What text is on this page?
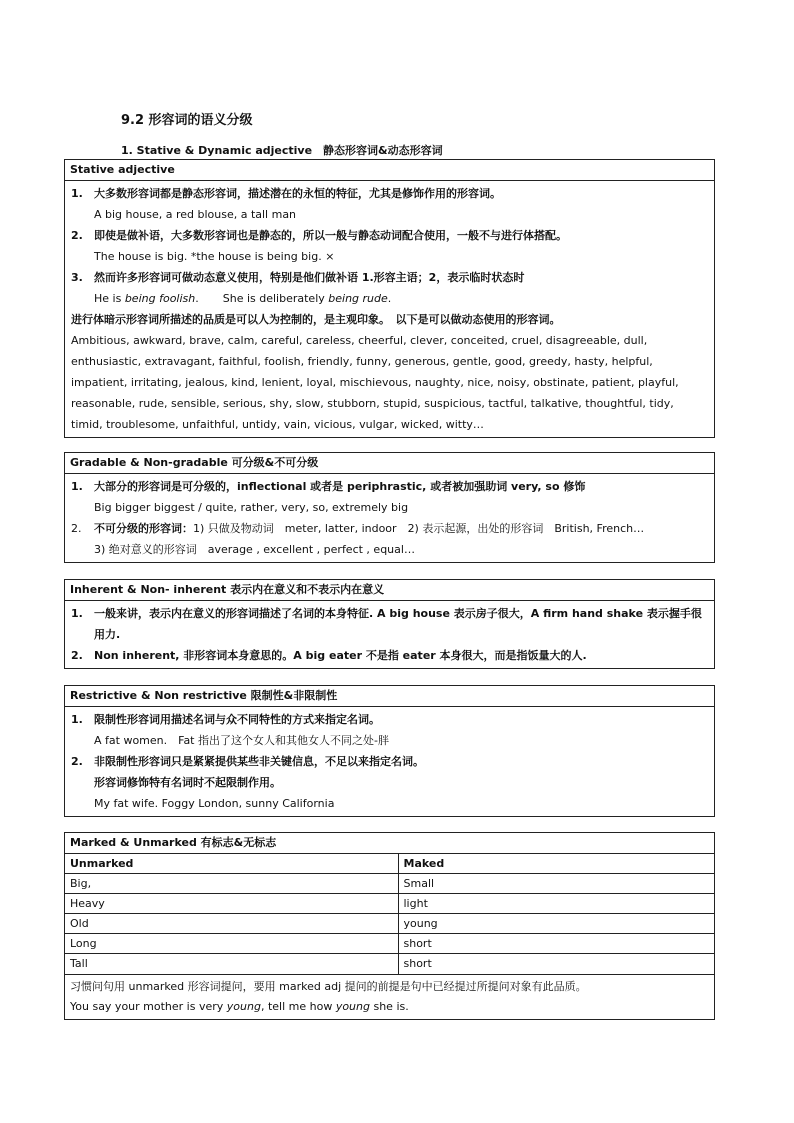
9.2 形容词的语义分级
1. Stative & Dynamic adjective　静态形容词&动态形容词
Stative adjective
1. 大多数形容词都是静态形容词，描述潜在的永恒的特征，尤其是修饰作用的形容词。
A big house, a red blouse, a tall man
2. 即使是做补语，大多数形容词也是静态的，所以一般与静态动词配合使用，一般不与进行体搭配。
The house is big. *the house is being big. ×
3. 然而许多形容词可做动态意义使用，特别是他们做补语 1.形容主语；2，表示临时状态时
He is being foolish. She is deliberately being rude.
进行体暗示形容词所描述的品质是可以人为控制的，是主观印象。　以下是可以做动态使用的形容词。
Ambitious, awkward, brave, calm, careful, careless, cheerful, clever, conceited, cruel, disagreeable, dull, enthusiastic, extravagant, faithful, foolish, friendly, funny, generous, gentle, good, greedy, hasty, helpful, impatient, irritating, jealous, kind, lenient, loyal, mischievous, naughty, nice, noisy, obstinate, patient, playful, reasonable, rude, sensible, serious, shy, slow, stubborn, stupid, suspicious, tactful, talkative, thoughtful, tidy, timid, troublesome, unfaithful, untidy, vain, vicious, vulgar, wicked, witty…
Gradable & Non-gradable 可分级&不可分级
1. 大部分的形容词是可分级的，inflectional 或者是 periphrastic, 或者被加强助词 very, so 修饰
Big bigger biggest / quite, rather, very, so, extremely big
2. 不可分级的形容词：1) 只做及物动词　meter, latter, indoor　2) 表示起源，出处的形容词　British, French…
3) 绝对意义的形容词　average , excellent , perfect , equal…
Inherent & Non- inherent 表示内在意义和不表示内在意义
1. 一般来讲，表示内在意义的形容词描述了名词的本身特征. A big house 表示房子很大，A firm hand shake 表示握手很用力.
2. Non inherent, 非形容词本身意思的。A big eater 不是指 eater 本身很大，而是指饭量大的人.
Restrictive & Non restrictive 限制性&非限制性
1. 限制性形容词用描述名词与众不同特性的方式来指定名词。
A fat women.　Fat 指出了这个女人和其他女人不同之处-胖
2. 非限制性形容词只是紧紧提供某些非关键信息，不足以来指定名词。
形容词修饰特有名词时不起限制作用。
My fat wife. Foggy London, sunny California
Marked & Unmarked 有标志&无标志
Unmarked	Maked
Big,	Small
Heavy	light
Old	young
Long	short
Tall	short
习惯问句用 unmarked 形容词提问，要用 marked adj 提问的前提是句中已经提过所提问对象有此品质。
You say your mother is very young, tell me how young she is.
